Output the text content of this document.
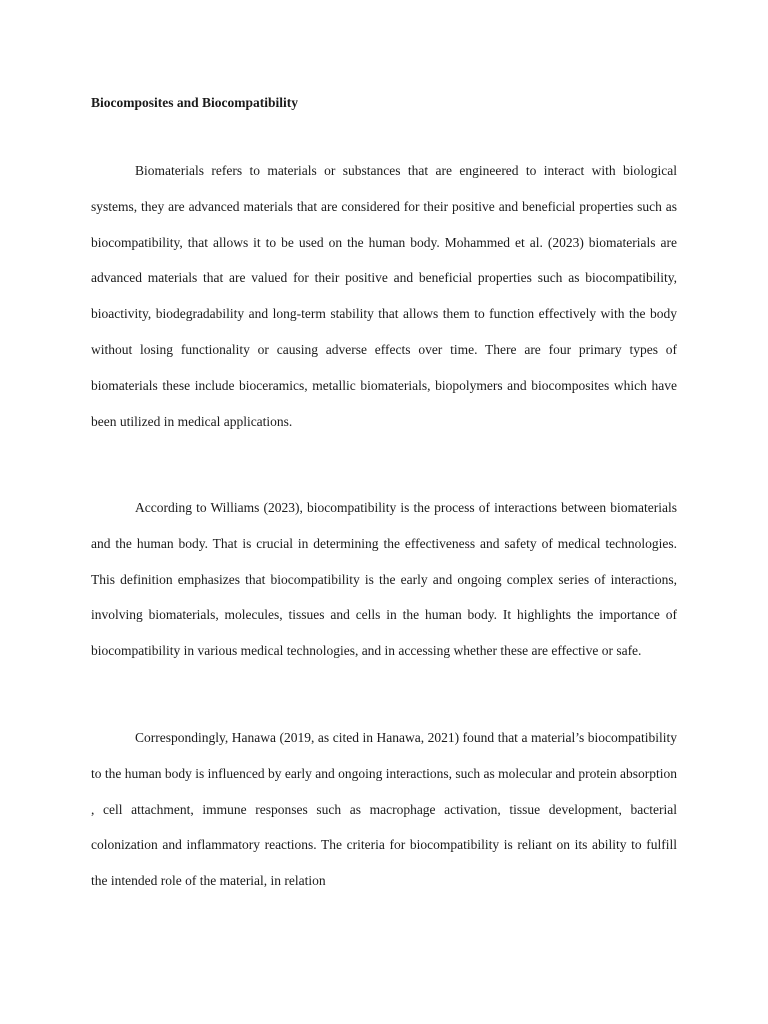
Biocomposites and Biocompatibility

Biomaterials refers to materials or substances that are engineered to interact with biological systems, they are advanced materials that are considered for their positive and beneficial properties such as biocompatibility, that allows it to be used on the human body. Mohammed et al. (2023) biomaterials are advanced materials that are valued for their positive and beneficial properties such as biocompatibility, bioactivity, biodegradability and long-term stability that allows them to function effectively with the body without losing functionality or causing adverse effects over time. There are four primary types of biomaterials these include bioceramics, metallic biomaterials, biopolymers and biocomposites which have been utilized in medical applications.

According to Williams (2023), biocompatibility is the process of interactions between biomaterials and the human body. That is crucial in determining the effectiveness and safety of medical technologies. This definition emphasizes that biocompatibility is the early and ongoing complex series of interactions, involving biomaterials, molecules, tissues and cells in the human body. It highlights the importance of biocompatibility in various medical technologies, and in accessing whether these are effective or safe.

Correspondingly, Hanawa (2019, as cited in Hanawa, 2021) found that a material’s biocompatibility to the human body is influenced by early and ongoing interactions, such as molecular and protein absorption , cell attachment, immune responses such as macrophage activation, tissue development, bacterial colonization and inflammatory reactions. The criteria for biocompatibility is reliant on its ability to fulfill the intended role of the material, in relation
